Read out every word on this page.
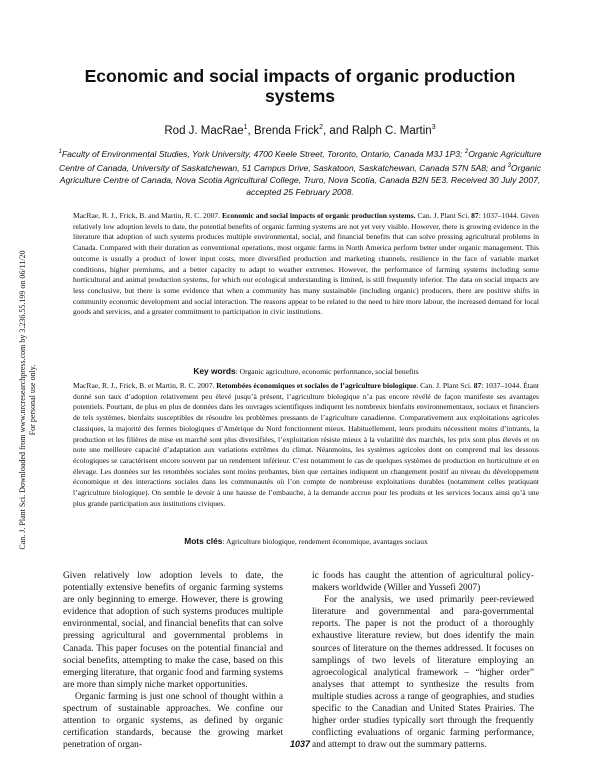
Can. J. Plant Sci. Downloaded from www.nrcresearchpress.com by 3.236.55.199 on 06/11/20 For personal use only.
Economic and social impacts of organic production
systems
Rod J. MacRae$^1$, Brenda Frick$^2$, and Ralph C. Martin$^3$
$^1$Faculty of Environmental Studies, York University, 4700 Keele Street, Toronto, Ontario, Canada M3J 1P3; $^2$Organic Agriculture Centre of Canada, University of Saskatchewan, 51 Campus Drive, Saskatoon, Saskatchewan, Canada S7N 5A8; and $^3$Organic Agriculture Centre of Canada, Nova Scotia Agricultural College, Truro, Nova Scotia, Canada B2N 5E3. Received 30 July 2007, accepted 25 February 2008.
MacRae, R. J., Frick, B. and Martin, R. C. 2007. Economic and social impacts of organic production systems. Can. J. Plant Sci. 87: 1037–1044. Given relatively low adoption levels to date, the potential benefits of organic farming systems are not yet very visible. However, there is growing evidence in the literature that adoption of such systems produces multiple environmental, social, and financial benefits that can solve pressing agricultural problems in Canada. Compared with their duration as conventional operations, most organic farms in North America perform better under organic management. This outcome is usually a product of lower input costs, more diversified production and marketing channels, resilience in the face of variable market conditions, higher premiums, and a better capacity to adapt to weather extremes. However, the performance of farming systems including some horticultural and animal production systems, for which our ecological understanding is limited, is still frequently inferior. The data on social impacts are less conclusive, but there is some evidence that when a community has many sustainable (including organic) producers, there are positive shifts in community economic development and social interaction. The reasons appear to be related to the need to hire more labour, the increased demand for local goods and services, and a greater commitment to participation in civic institutions.
Key words: Organic agriculture, economic performance, social benefits
MacRae, R. J., Frick, B. et Martin, R. C. 2007. Retombées économiques et sociales de l’agriculture biologique. Can. J. Plant Sci. 87: 1037–1044. Étant donné son taux d’adoption relativement peu élevé jusqu’à présent, l’agriculture biologique n’a pas encore révélé de façon manifeste ses avantages potentiels. Pourtant, de plus en plus de données dans les ouvrages scientifiques indiquent les nombreux bienfaits environnementaux, sociaux et financiers de tels systèmes, bienfaits susceptibles de résoudre les problèmes pressants de l’agriculture canadienne. Comparativement aux exploitations agricoles classiques, la majorité des fermes biologiques d’Amérique du Nord fonctionnent mieux. Habituellement, leurs produits nécessitent moins d’intrants, la production et les filières de mise en marché sont plus diversifiées, l’exploitation résiste mieux à la volatilité des marchés, les prix sont plus élevés et on note une meilleure capacité d’adaptation aux variations extrêmes du climat. Néanmoins, les systèmes agricoles dont on comprend mal les dessous écologiques se caractérisent encore souvent par un rendement inférieur. C’est notamment le cas de quelques systèmes de production en horticulture et en élevage. Les données sur les retombées sociales sont moins probantes, bien que certaines indiquent un changement positif au niveau du développement économique et des interactions sociales dans les communautés où l’on compte de nombreuse exploitations durables (notamment celles pratiquant l’agriculture biologique). On semble le devoir à une hausse de l’embauche, à la demande accrue pour les produits et les services locaux ainsi qu’à une plus grande participation aux institutions civiques.
Mots clés: Agriculture biologique, rendement économique, avantages sociaux

Given relatively low adoption levels to date, the potentially extensive benefits of organic farming systems are only beginning to emerge. However, there is growing evidence that adoption of such systems produces multiple environmental, social, and financial benefits that can solve pressing agricultural and governmental problems in Canada. This paper focuses on the potential financial and social benefits, attempting to make the case, based on this emerging literature, that organic food and farming systems are more than simply niche market opportunities.

Organic farming is just one school of thought within a spectrum of sustainable approaches. We confine our attention to organic systems, as defined by organic certification standards, because the growing market penetration of organ-

ic foods has caught the attention of agricultural policy-makers worldwide (Willer and Yussefi 2007)

For the analysis, we used primarily peer-reviewed literature and governmental and para-governmental reports. The paper is not the product of a thoroughly exhaustive literature review, but does identify the main sources of literature on the themes addressed. It focuses on samplings of two levels of literature employing an agroecological analytical framework – “higher order” analyses that attempt to synthesize the results from multiple studies across a range of geographies, and studies specific to the Canadian and United States Prairies. The higher order studies typically sort through the frequently conflicting evaluations of organic farming performance, and attempt to draw out the summary patterns.

1037
